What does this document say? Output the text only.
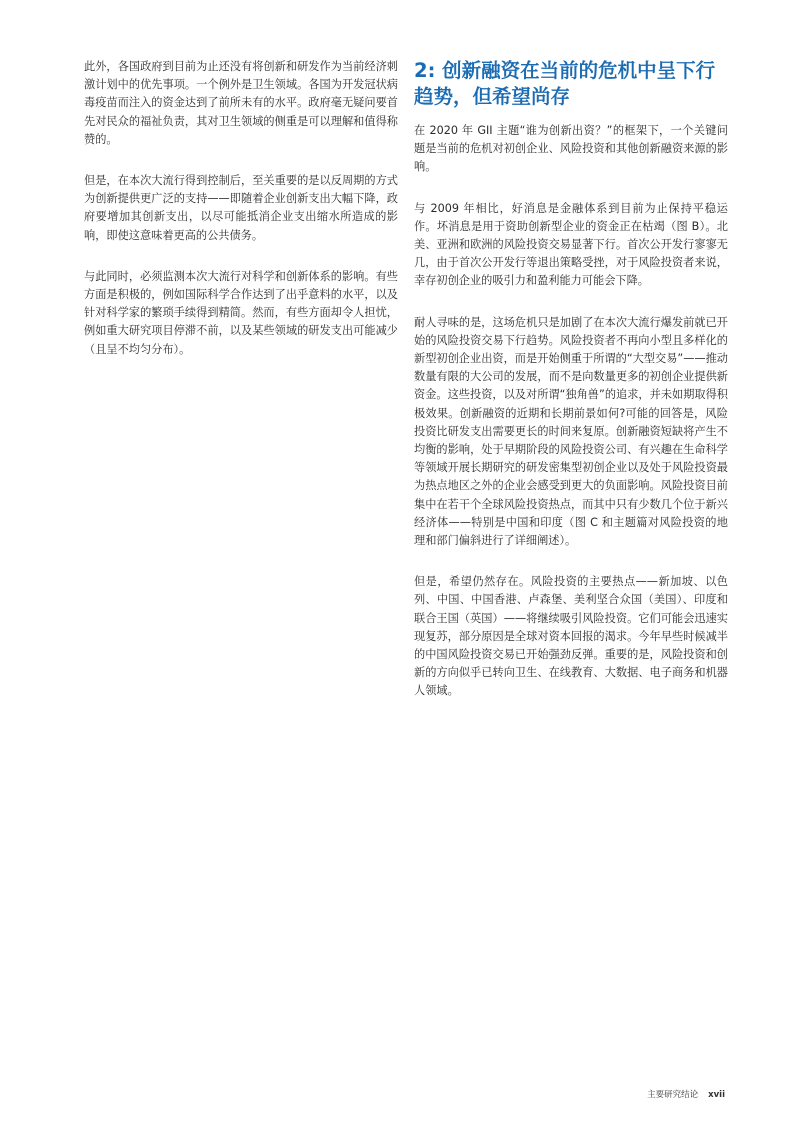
此外，各国政府到目前为止还没有将创新和研发作为当前经济刺激计划中的优先事项。一个例外是卫生领域。各国为开发冠状病毒疫苗而注入的资金达到了前所未有的水平。政府毫无疑问要首先对民众的福祉负责，其对卫生领域的侧重是可以理解和值得称赞的。

但是，在本次大流行得到控制后，至关重要的是以反周期的方式为创新提供更广泛的支持——即随着企业创新支出大幅下降，政府要增加其创新支出，以尽可能抵消企业支出缩水所造成的影响，即使这意味着更高的公共债务。

与此同时，必须监测本次大流行对科学和创新体系的影响。有些方面是积极的，例如国际科学合作达到了出乎意料的水平，以及针对科学家的繁琐手续得到精简。然而，有些方面却令人担忧，例如重大研究项目停滞不前，以及某些领域的研发支出可能减少（且呈不均匀分布）。

2: 创新融资在当前的危机中呈下行趋势，但希望尚存

在 2020 年 GII 主题“谁为创新出资？”的框架下，一个关键问题是当前的危机对初创企业、风险投资和其他创新融资来源的影响。

与 2009 年相比，好消息是金融体系到目前为止保持平稳运作。坏消息是用于资助创新型企业的资金正在枯竭（图 B）。北美、亚洲和欧洲的风险投资交易显著下行。首次公开发行寥寥无几，由于首次公开发行等退出策略受挫，对于风险投资者来说，幸存初创企业的吸引力和盈利能力可能会下降。

耐人寻味的是，这场危机只是加剧了在本次大流行爆发前就已开始的风险投资交易下行趋势。风险投资者不再向小型且多样化的新型初创企业出资，而是开始侧重于所谓的“大型交易”——推动数量有限的大公司的发展，而不是向数量更多的初创企业提供新资金。这些投资，以及对所谓“独角兽”的追求，并未如期取得积极效果。创新融资的近期和长期前景如何?可能的回答是，风险投资比研发支出需要更长的时间来复原。创新融资短缺将产生不均衡的影响，处于早期阶段的风险投资公司、有兴趣在生命科学等领域开展长期研究的研发密集型初创企业以及处于风险投资最为热点地区之外的企业会感受到更大的负面影响。风险投资目前集中在若干个全球风险投资热点，而其中只有少数几个位于新兴经济体——特别是中国和印度（图 C 和主题篇对风险投资的地理和部门偏斜进行了详细阐述）。

但是，希望仍然存在。风险投资的主要热点——新加坡、以色列、中国、中国香港、卢森堡、美利坚合众国（美国）、印度和联合王国（英国）——将继续吸引风险投资。它们可能会迅速实现复苏，部分原因是全球对资本回报的渴求。今年早些时候减半的中国风险投资交易已开始强劲反弹。重要的是，风险投资和创新的方向似乎已转向卫生、在线教育、大数据、电子商务和机器人领域。

主要研究结论 xvii
